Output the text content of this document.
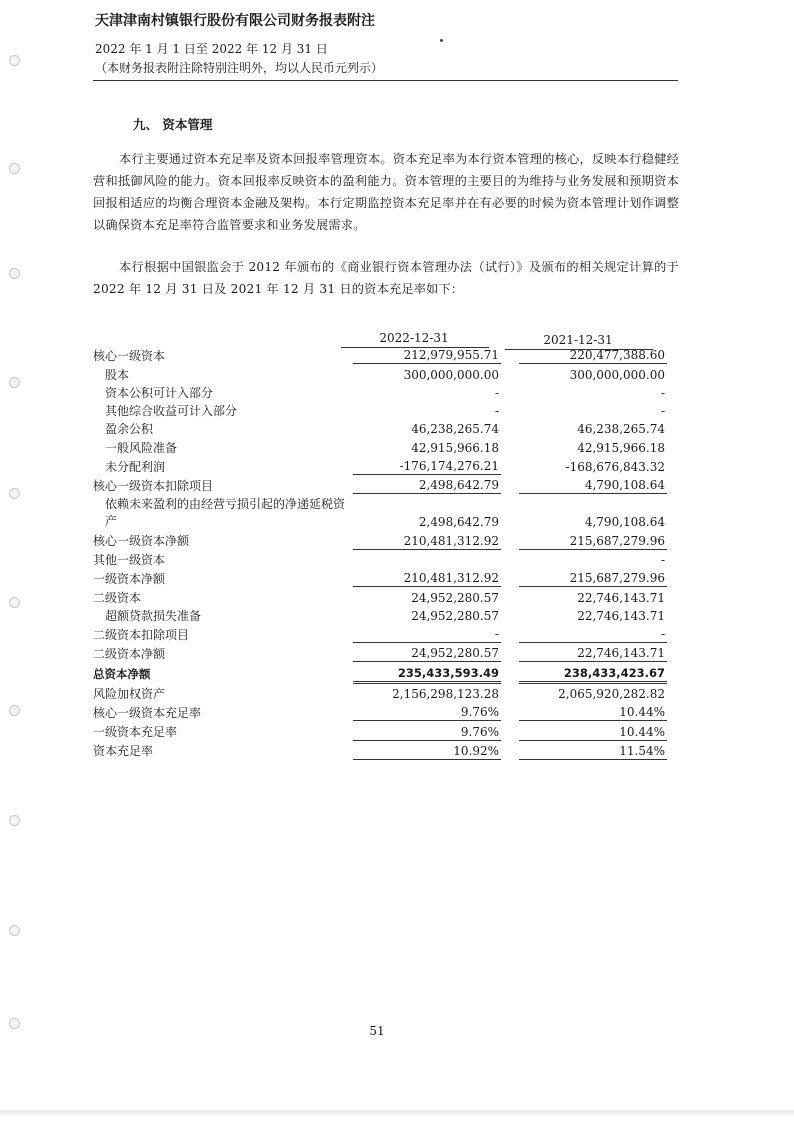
天津津南村镇银行股份有限公司财务报表附注
2022 年 1 月 1 日至 2022 年 12 月 31 日
（本财务报表附注除特别注明外，均以人民币元列示）
九、 资本管理
本行主要通过资本充足率及资本回报率管理资本。资本充足率为本行资本管理的核心，反映本行稳健经营和抵御风险的能力。资本回报率反映资本的盈利能力。资本管理的主要目的为维持与业务发展和预期资本回报相适应的均衡合理资本金融及架构。本行定期监控资本充足率并在有必要的时候为资本管理计划作调整以确保资本充足率符合监管要求和业务发展需求。
本行根据中国银监会于 2012 年颁布的《商业银行资本管理办法（试行）》及颁布的相关规定计算的于 2022 年 12 月 31 日及 2021 年 12 月 31 日的资本充足率如下：
2022-12-31	2021-12-31
核心一级资本	212,979,955.71		220,477,388.60
股本	300,000,000.00		300,000,000.00
资本公积可计入部分	-		-
其他综合收益可计入部分	-		-
盈余公积	46,238,265.74		46,238,265.74
一般风险准备	42,915,966.18		42,915,966.18
未分配利润	-176,174,276.21		-168,676,843.32
核心一级资本扣除项目	2,498,642.79		4,790,108.64
依赖未来盈利的由经营亏损引起的净递延税资产	2,498,642.79		4,790,108.64
核心一级资本净额	210,481,312.92		215,687,279.96
其他一级资本			-
一级资本净额	210,481,312.92		215,687,279.96
二级资本	24,952,280.57		22,746,143.71
超额贷款损失准备	24,952,280.57		22,746,143.71
二级资本扣除项目	-		-
二级资本净额	24,952,280.57		22,746,143.71
总资本净额	235,433,593.49		238,433,423.67
风险加权资产	2,156,298,123.28		2,065,920,282.82
核心一级资本充足率	9.76%		10.44%
一级资本充足率	9.76%		10.44%
资本充足率	10.92%		11.54%
51
